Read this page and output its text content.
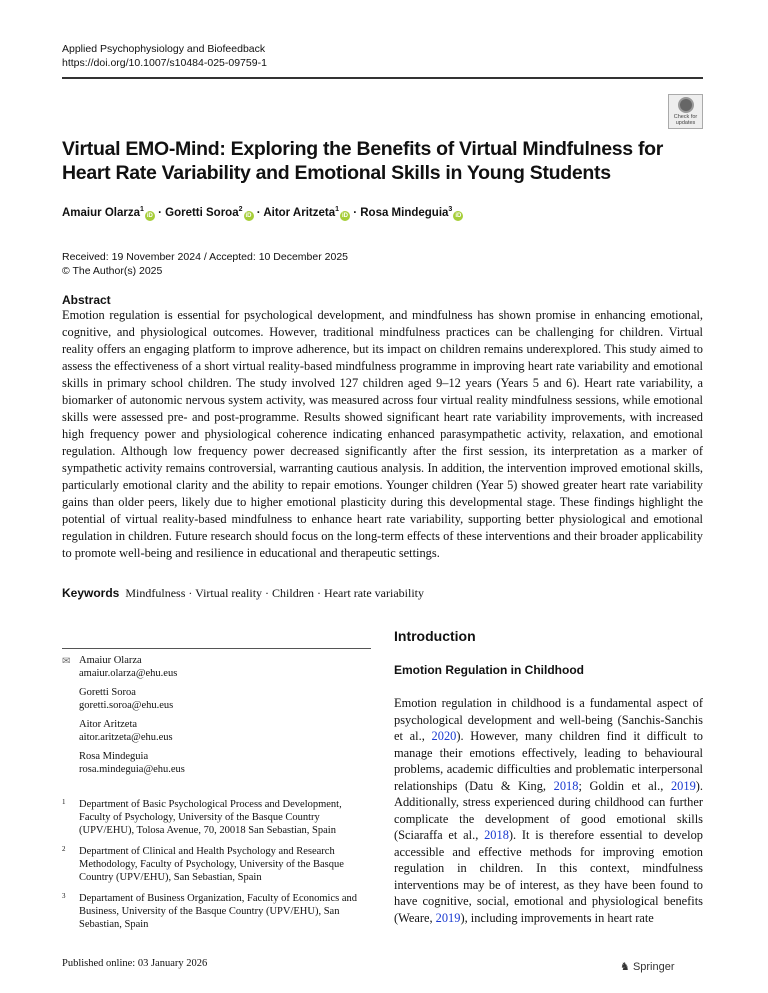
Applied Psychophysiology and Biofeedback
https://doi.org/10.1007/s10484-025-09759-1
Check for
updates
Virtual EMO-Mind: Exploring the Benefits of Virtual Mindfulness for Heart Rate Variability and Emotional Skills in Young Students
Amaiur Olarza$^1$iD · Goretti Soroa$^2$iD · Aitor Aritzeta$^1$iD · Rosa Mindeguia$^3$iD
Received: 19 November 2024 / Accepted: 10 December 2025
© The Author(s) 2025
Abstract
Emotion regulation is essential for psychological development, and mindfulness has shown promise in enhancing emotional, cognitive, and physiological outcomes. However, traditional mindfulness practices can be challenging for children. Virtual reality offers an engaging platform to improve adherence, but its impact on children remains underexplored. This study aimed to assess the effectiveness of a short virtual reality-based mindfulness programme in improving heart rate variability and emotional skills in primary school children. The study involved 127 children aged 9–12 years (Years 5 and 6). Heart rate variability, a biomarker of autonomic nervous system activity, was measured across four virtual reality mindfulness sessions, while emotional skills were assessed pre- and post-programme. Results showed significant heart rate variability improvements, with increased high frequency power and physiological coherence indicating enhanced parasympathetic activity, relaxation, and emotional regulation. Although low frequency power decreased significantly after the first session, its interpretation as a marker of sympathetic activity remains controversial, warranting cautious analysis. In addition, the intervention improved emotional skills, particularly emotional clarity and the ability to repair emotions. Younger children (Year 5) showed greater heart rate variability gains than older peers, likely due to higher emotional plasticity during this developmental stage. These findings highlight the potential of virtual reality-based mindfulness to enhance heart rate variability, supporting better physiological and emotional regulation in children. Future research should focus on the long-term effects of these interventions and their broader applicability to promote well-being and resilience in educational and therapeutic settings.
Keywords Mindfulness · Virtual reality · Children · Heart rate variability
✉ Amaiur Olarza
amaiur.olarza@ehu.eus
Goretti Soroa
goretti.soroa@ehu.eus
Aitor Aritzeta
aitor.aritzeta@ehu.eus
Rosa Mindeguia
rosa.mindeguia@ehu.eus
1 Department of Basic Psychological Process and Development, Faculty of Psychology, University of the Basque Country (UPV/EHU), Tolosa Avenue, 70, 20018 San Sebastian, Spain
2 Department of Clinical and Health Psychology and Research Methodology, Faculty of Psychology, University of the Basque Country (UPV/EHU), San Sebastian, Spain
3 Departament of Business Organization, Faculty of Economics and Business, University of the Basque Country (UPV/EHU), San Sebastian, Spain
Introduction
Emotion Regulation in Childhood
Emotion regulation in childhood is a fundamental aspect of psychological development and well-being (Sanchis-Sanchis et al., 2020). However, many children find it difficult to manage their emotions effectively, leading to behavioural problems, academic difficulties and problematic interpersonal relationships (Datu & King, 2018; Goldin et al., 2019). Additionally, stress experienced during childhood can further complicate the development of good emotional skills (Sciaraffa et al., 2018). It is therefore essential to develop accessible and effective methods for improving emotion regulation in children. In this context, mindfulness interventions may be of interest, as they have been found to have cognitive, social, emotional and physiological benefits (Weare, 2019), including improvements in heart rate
Published online: 03 January 2026	♞ Springer
